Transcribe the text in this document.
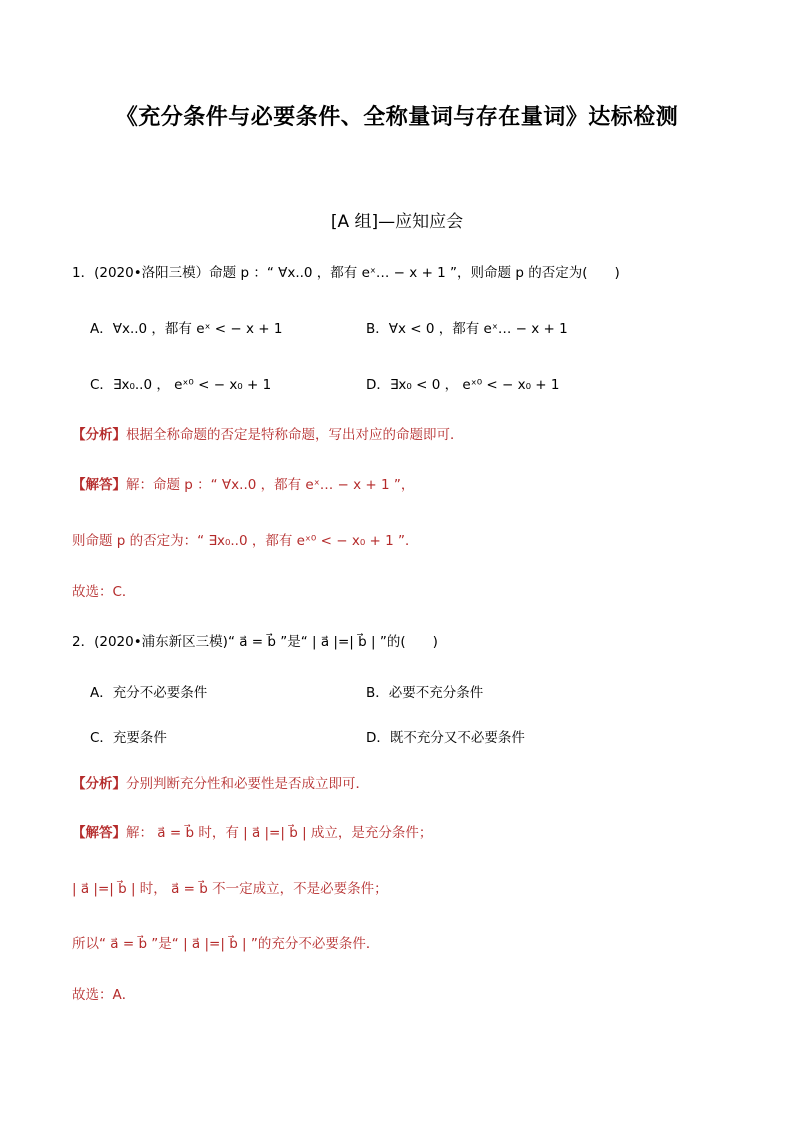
《充分条件与必要条件、全称量词与存在量词》达标检测
[A 组]—应知应会
1．(2020•洛阳三模）命题 p ：“ ∀x..0 ，都有 eˣ… − x + 1 ”，则命题 p 的否定为(　　)
A．∀x..0 ，都有 eˣ < − x + 1	B．∀x < 0 ，都有 eˣ… − x + 1
C．∃x₀..0 ， eˣ⁰ < − x₀ + 1	D．∃x₀ < 0 ， eˣ⁰ < − x₀ + 1
【分析】根据全称命题的否定是特称命题，写出对应的命题即可．
【解答】解：命题 p ：“ ∀x..0 ，都有 eˣ… − x + 1 ”，
则命题 p 的否定为：“ ∃x₀..0 ，都有 eˣ⁰ < − x₀ + 1 ”．
故选：C．
2．(2020•浦东新区三模)“ a⃗ = b⃗ ”是“ | a⃗ |=| b⃗ | ”的(　　)
A．充分不必要条件	B．必要不充分条件
C．充要条件	D．既不充分又不必要条件
【分析】分别判断充分性和必要性是否成立即可．
【解答】解： a⃗ = b⃗ 时，有 | a⃗ |=| b⃗ | 成立，是充分条件；
| a⃗ |=| b⃗ | 时， a⃗ = b⃗ 不一定成立，不是必要条件；
所以“ a⃗ = b⃗ ”是“ | a⃗ |=| b⃗ | ”的充分不必要条件．
故选：A．
